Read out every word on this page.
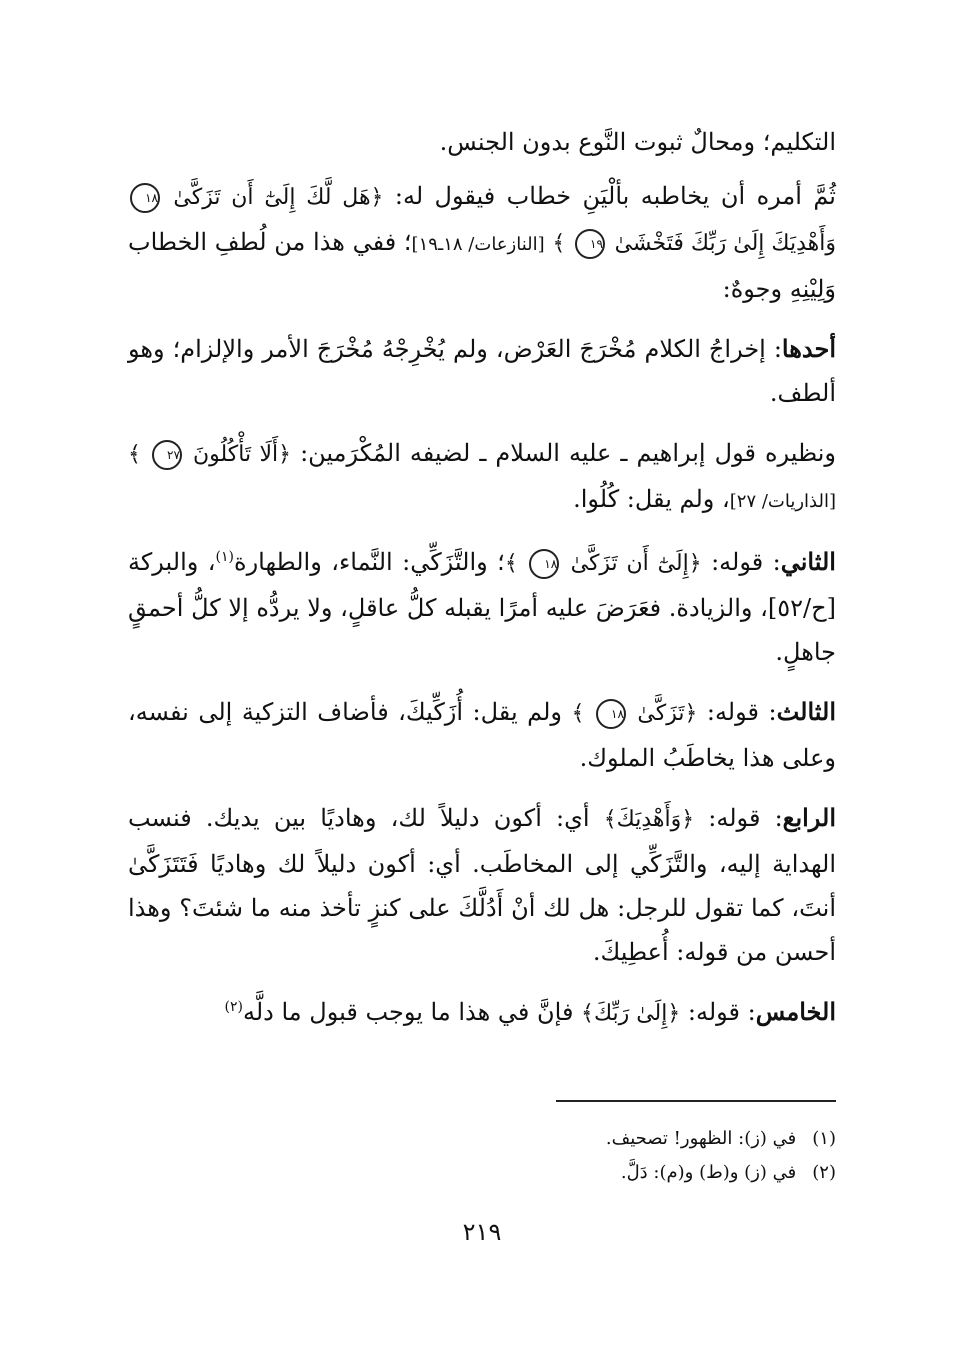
التكليم؛ ومحالٌ ثبوت النَّوع بدون الجنس.

ثُمَّ أمره أن يخاطبه بألْيَنِ خطاب فيقول له: ﴿هَل لَّكَ إِلَىٰٓ أَن تَزَكَّىٰ ١٨ وَأَهْدِيَكَ إِلَىٰ رَبِّكَ فَتَخْشَىٰ ١٩ ﴾ [النازعات/ ١٨ـ١٩]؛ ففي هذا من لُطفِ الخطاب وَلِيْنِهِ وجوهٌ:

أحدها: إخراجُ الكلام مُخْرَجَ العَرْض، ولم يُخْرِجْهُ مُخْرَجَ الأمر والإلزام؛ وهو ألطف.

ونظيره قول إبراهيم ـ عليه السلام ـ لضيفه المُكْرَمين: ﴿أَلَا تَأْكُلُونَ ٢٧ ﴾ [الذاريات/ ٢٧]، ولم يقل: كُلُوا.

الثاني: قوله: ﴿إِلَىٰٓ أَن تَزَكَّىٰ ١٨ ﴾؛ والتَّزَكِّي: النَّماء، والطهارة$^{(١)}$، والبركة [ح/٥٢]، والزيادة. فعَرَضَ عليه أمرًا يقبله كلُّ عاقلٍ، ولا يردُّه إلا كلُّ أحمقٍ جاهلٍ.

الثالث: قوله: ﴿تَزَكَّىٰ ١٨ ﴾ ولم يقل: أُزَكِّيكَ، فأضاف التزكية إلى نفسه، وعلى هذا يخاطَبُ الملوك.

الرابع: قوله: ﴿وَأَهْدِيَكَ﴾ أي: أكون دليلاً لك، وهاديًا بين يديك. فنسب الهداية إليه، والتَّزَكِّي إلى المخاطَب. أي: أكون دليلاً لك وهاديًا فَتَتَزَكَّىٰ أنتَ، كما تقول للرجل: هل لك أنْ أَدُلَّكَ على كنزٍ تأخذ منه ما شئتَ؟ وهذا أحسن من قوله: أُعطِيكَ.

الخامس: قوله: ﴿إِلَىٰ رَبِّكَ﴾ فإنَّ في هذا ما يوجب قبول ما دلَّه$^{(٢)}$

(١)في (ز): الظهور! تصحيف.
(٢)في (ز) و(ط) و(م): دَلَّ.
٢١٩
